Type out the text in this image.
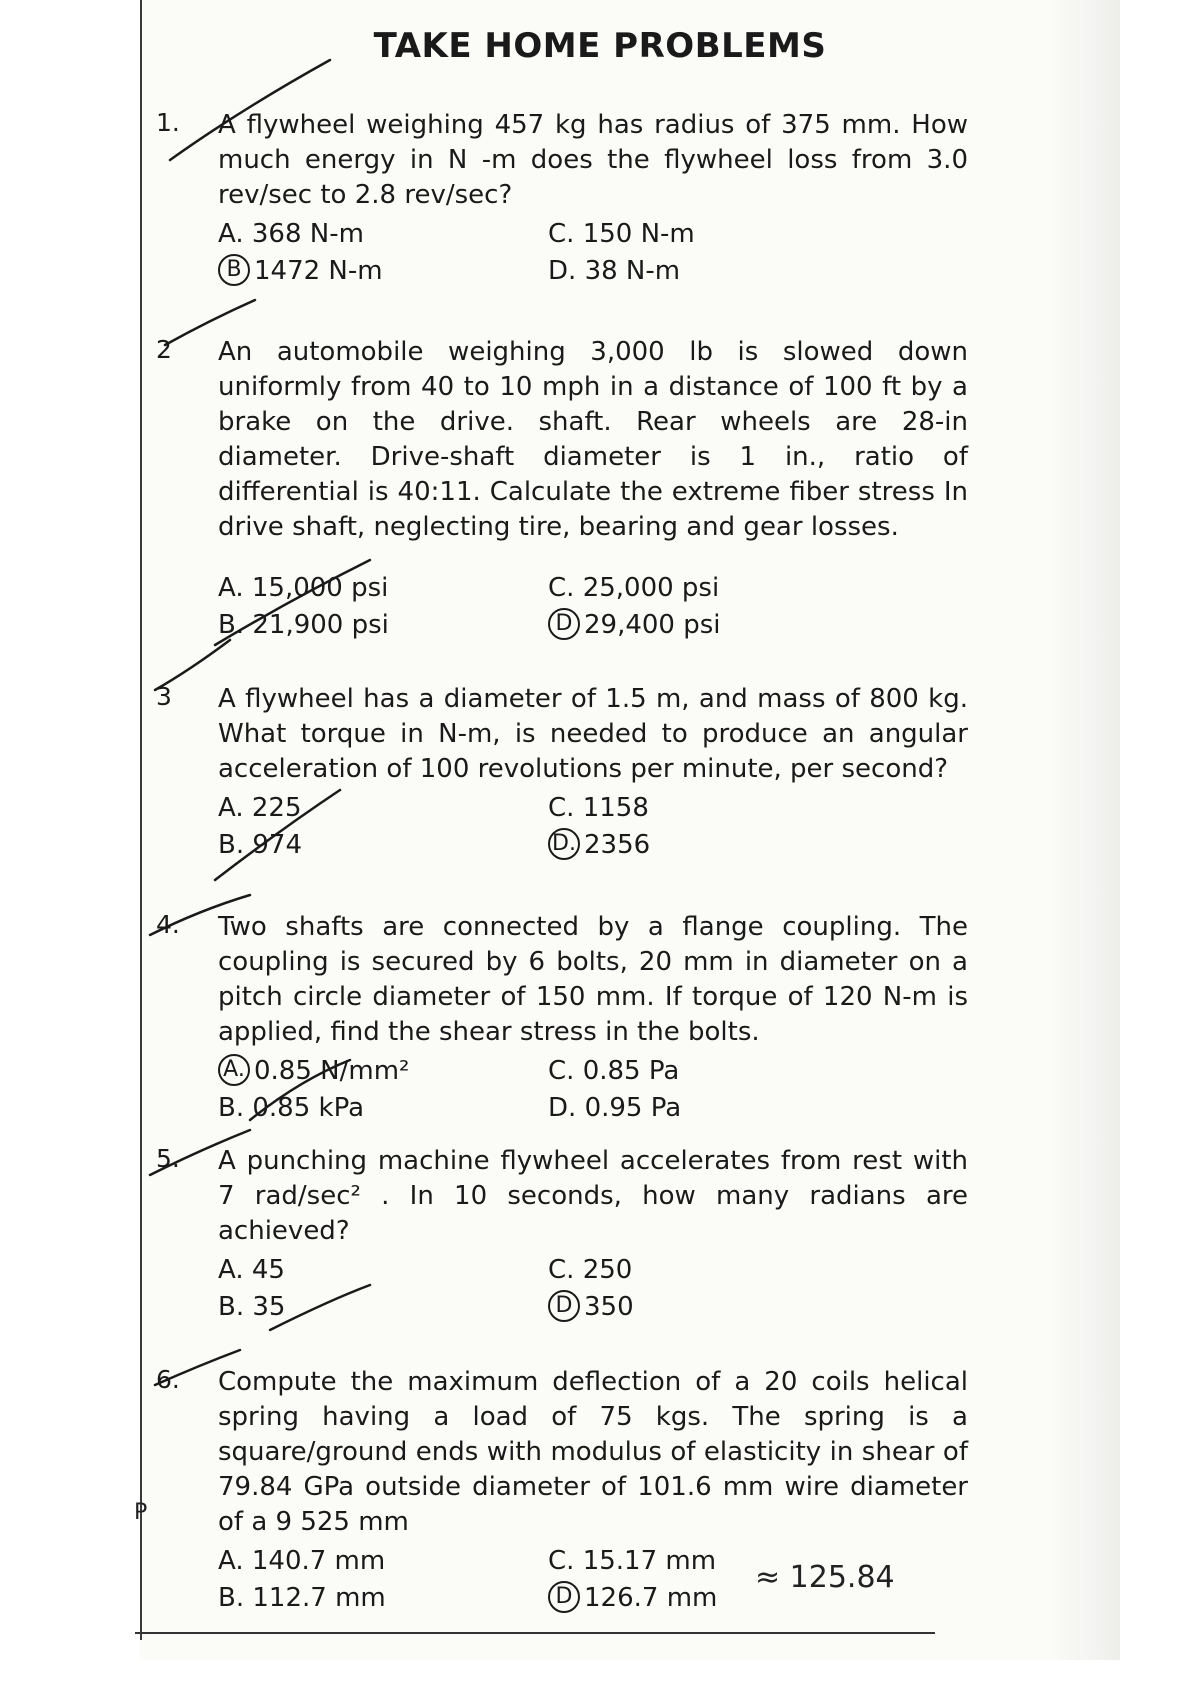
TAKE HOME PROBLEMS
1. A flywheel weighing 457 kg has radius of 375 mm. How much energy in N -m does the flywheel loss from 3.0 rev/sec to 2.8 rev/sec?
A. 368 N-m	C. 150 N-m
B 1472 N-m	D. 38 N-m
2 An automobile weighing 3,000 lb is slowed down uniformly from 40 to 10 mph in a distance of 100 ft by a brake on the drive. shaft. Rear wheels are 28-in diameter. Drive-shaft diameter is 1 in., ratio of differential is 40:11. Calculate the extreme fiber stress In drive shaft, neglecting tire, bearing and gear losses.
A. 15,000 psi	C. 25,000 psi
B. 21,900 psi	D 29,400 psi
3 A flywheel has a diameter of 1.5 m, and mass of 800 kg. What torque in N-m, is needed to produce an angular acceleration of 100 revolutions per minute, per second?
A. 225	C. 1158
B. 974	D. 2356
4. Two shafts are connected by a flange coupling. The coupling is secured by 6 bolts, 20 mm in diameter on a pitch circle diameter of 150 mm. If torque of 120 N-m is applied, find the shear stress in the bolts.
A. 0.85 N/mm²	C. 0.85 Pa
B. 0.85 kPa	D. 0.95 Pa
5. A punching machine flywheel accelerates from rest with 7 rad/sec² . In 10 seconds, how many radians are achieved?
A. 45	C. 250
B. 35	D 350
6. Compute the maximum deflection of a 20 coils helical spring having a load of 75 kgs. The spring is a square/ground ends with modulus of elasticity in shear of 79.84 GPa outside diameter of 101.6 mm wire diameter of a 9 525 mm
A. 140.7 mm	C. 15.17 mm
B. 112.7 mm	D 126.7 mm
≈ 125.84
P
